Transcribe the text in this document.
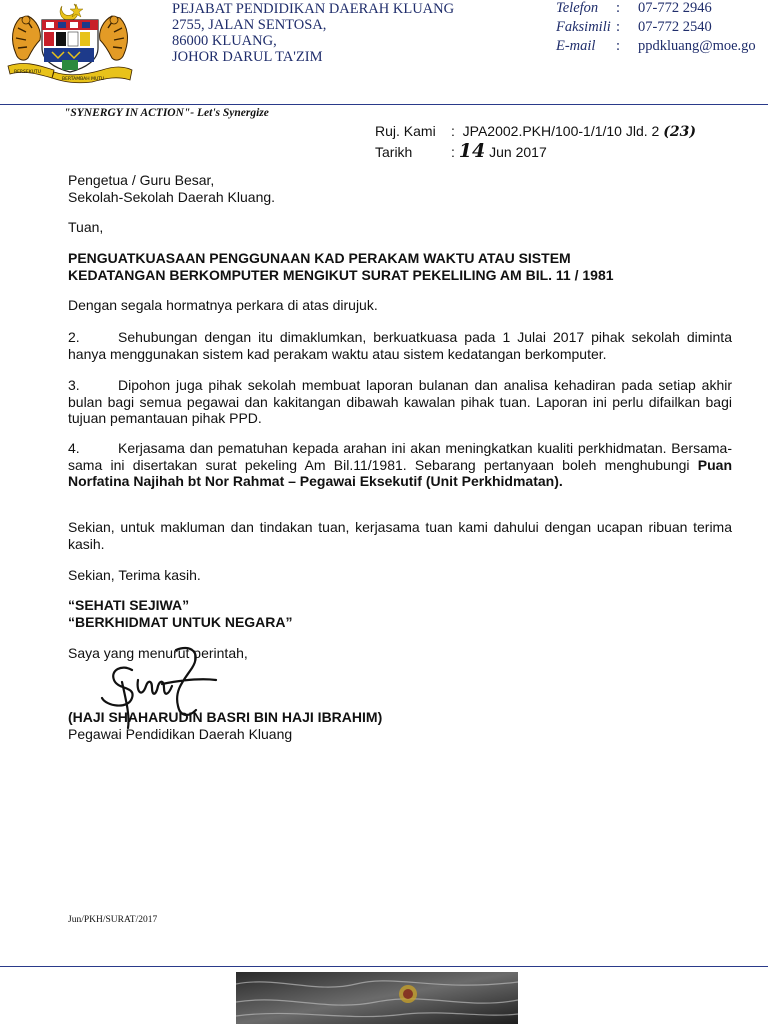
BERSEKUTU
BERTAMBAH MUTU
PEJABAT PENDIDIKAN DAERAH KLUANG
2755, JALAN SENTOSA,
86000 KLUANG,
JOHOR DARUL TA'ZIM
Telefon : 07-772 2946
Faksimili : 07-772 2540
E-mail : ppdkluang@moe.go
"SYNERGY IN ACTION"- Let's Synergize
Ruj. Kami :  JPA2002.PKH/100-1/1/10 Jld. 2 (23)
Tarikh	: 14 Jun 2017
Pengetua / Guru Besar,
Sekolah-Sekolah Daerah Kluang.
Tuan,
PENGUATKUASAAN PENGGUNAAN KAD PERAKAM WAKTU ATAU SISTEM
KEDATANGAN BERKOMPUTER MENGIKUT SURAT PEKELILING AM BIL. 11 / 1981
Dengan segala hormatnya perkara di atas dirujuk.
2.	Sehubungan dengan itu dimaklumkan, berkuatkuasa pada 1 Julai 2017 pihak sekolah diminta hanya menggunakan sistem kad perakam waktu atau sistem kedatangan berkomputer.
3.	Dipohon juga pihak sekolah membuat laporan bulanan dan analisa kehadiran pada setiap akhir bulan bagi semua pegawai dan kakitangan dibawah kawalan pihak tuan. Laporan ini perlu difailkan bagi tujuan pemantauan pihak PPD.
4.	Kerjasama dan pematuhan kepada arahan ini akan meningkatkan kualiti perkhidmatan. Bersama-sama ini disertakan surat pekeling Am Bil.11/1981. Sebarang pertanyaan boleh menghubungi Puan Norfatina Najihah bt Nor Rahmat – Pegawai Eksekutif (Unit Perkhidmatan).
Sekian, untuk makluman dan tindakan tuan, kerjasama tuan kami dahului dengan ucapan ribuan terima kasih.
Sekian, Terima kasih.
“SEHATI SEJIWA”
“BERKHIDMAT UNTUK NEGARA”
Saya yang menurut perintah,
(HAJI SHAHARUDIN BASRI BIN HAJI IBRAHIM)
Pegawai Pendidikan Daerah Kluang
Jun/PKH/SURAT/2017
